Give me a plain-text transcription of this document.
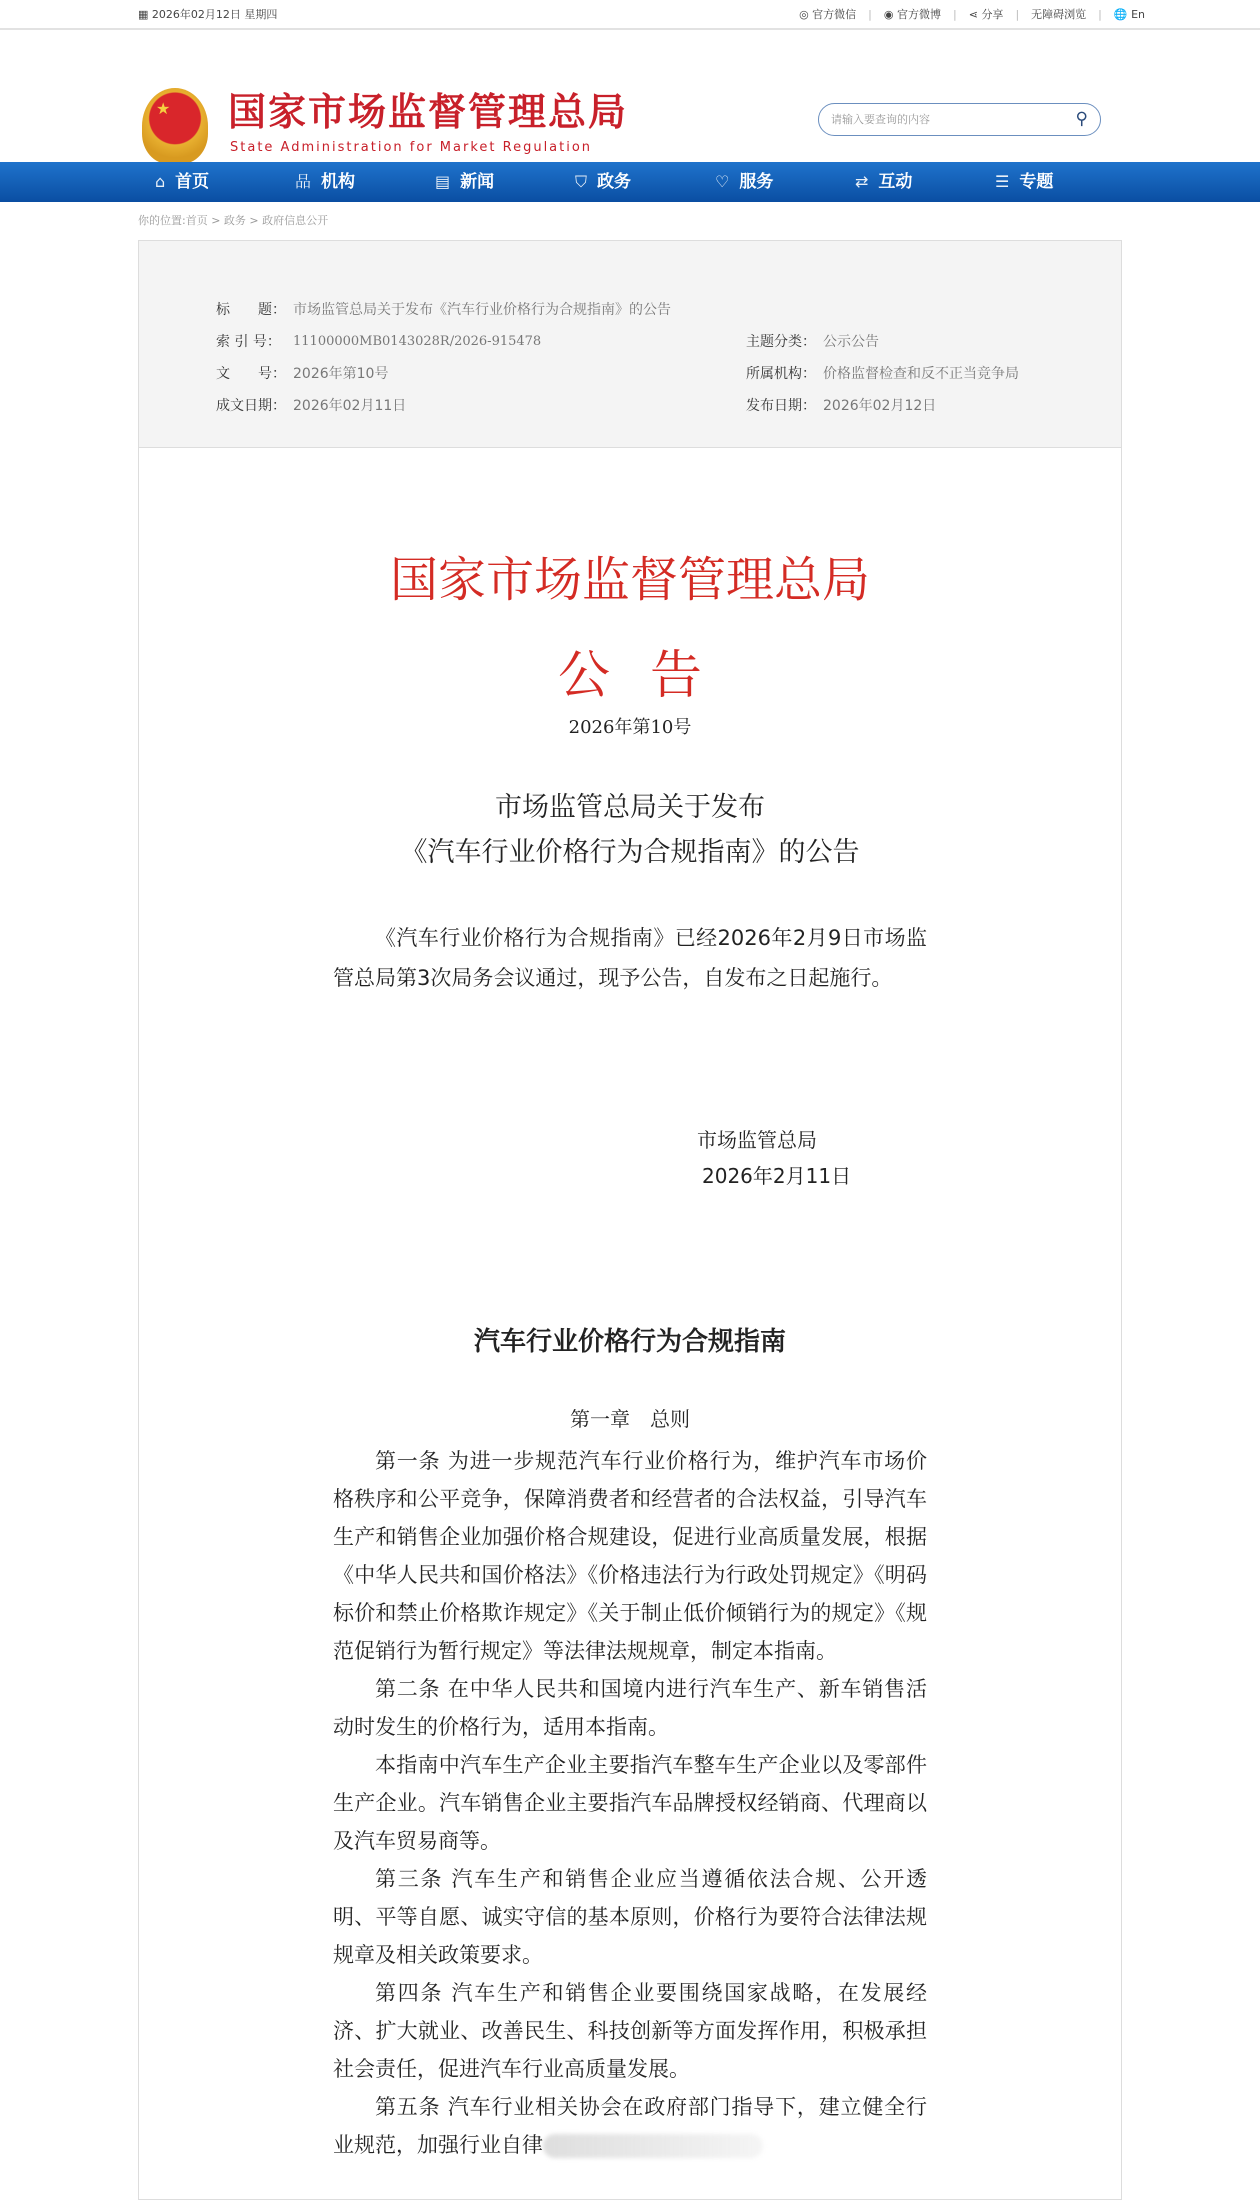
▦ 2026年02月12日 星期四	◎ 官方微信 | ◉ 官方微博 | ⋖ 分享 | 无障碍浏览 | 🌐 En
★ 国家市场监督管理总局
State Administration for Market Regulation
请输入要查询的内容	⚲
⌂ 首页	品 机构	▤ 新闻	⛉ 政务	♡ 服务	⇄ 互动	☰ 专题
你的位置:首页 > 政务 > 政府信息公开
标　　题： 市场监管总局关于发布《汽车行业价格行为合规指南》的公告
索 引 号： 11100000MB0143028R/2026-915478
文　　号： 2026年第10号
成文日期： 2026年02月11日
主题分类： 公示公告
所属机构： 价格监督检查和反不正当竞争局
发布日期： 2026年02月12日
国家市场监督管理总局
公告
2026年第10号
市场监管总局关于发布
《汽车行业价格行为合规指南》的公告
《汽车行业价格行为合规指南》已经2026年2月9日市场监管总局第3次局务会议通过，现予公告，自发布之日起施行。
市场监管总局
2026年2月11日
汽车行业价格行为合规指南
第一章　总则

第一条 为进一步规范汽车行业价格行为，维护汽车市场价格秩序和公平竞争，保障消费者和经营者的合法权益，引导汽车生产和销售企业加强价格合规建设，促进行业高质量发展，根据《中华人民共和国价格法》《价格违法行为行政处罚规定》《明码标价和禁止价格欺诈规定》《关于制止低价倾销行为的规定》《规范促销行为暂行规定》等法律法规规章，制定本指南。

第二条 在中华人民共和国境内进行汽车生产、新车销售活动时发生的价格行为，适用本指南。

本指南中汽车生产企业主要指汽车整车生产企业以及零部件生产企业。汽车销售企业主要指汽车品牌授权经销商、代理商以及汽车贸易商等。

第三条 汽车生产和销售企业应当遵循依法合规、公开透明、平等自愿、诚实守信的基本原则，价格行为要符合法律法规规章及相关政策要求。

第四条 汽车生产和销售企业要围绕国家战略，在发展经济、扩大就业、改善民生、科技创新等方面发挥作用，积极承担社会责任，促进汽车行业高质量发展。

第五条 汽车行业相关协会在政府部门指导下，建立健全行业规范，加强行业自律
